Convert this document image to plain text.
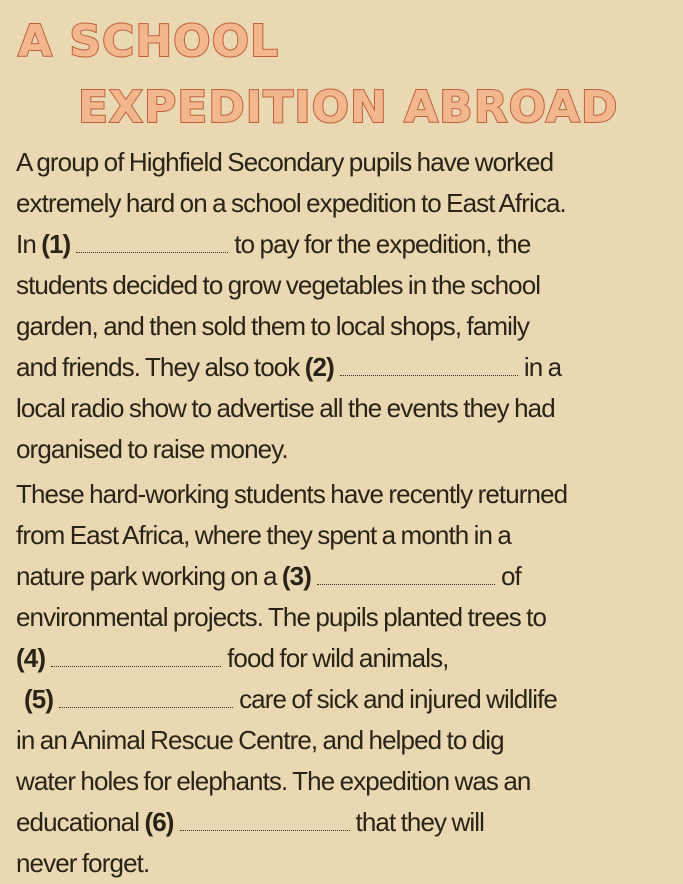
A SCHOOL
EXPEDITION ABROAD
A group of Highfield Secondary pupils have worked
extremely hard on a school expedition to East Africa.
In (1)	to pay for the expedition, the
students decided to grow vegetables in the school
garden, and then sold them to local shops, family
and friends. They also took (2)	in a
local radio show to advertise all the events they had
organised to raise money.
These hard-working students have recently returned
from East Africa, where they spent a month in a
nature park working on a (3)	of
environmental projects. The pupils planted trees to
(4)	food for wild animals,
(5)	care of sick and injured wildlife
in an Animal Rescue Centre, and helped to dig
water holes for elephants. The expedition was an
educational (6)	that they will
never forget.
